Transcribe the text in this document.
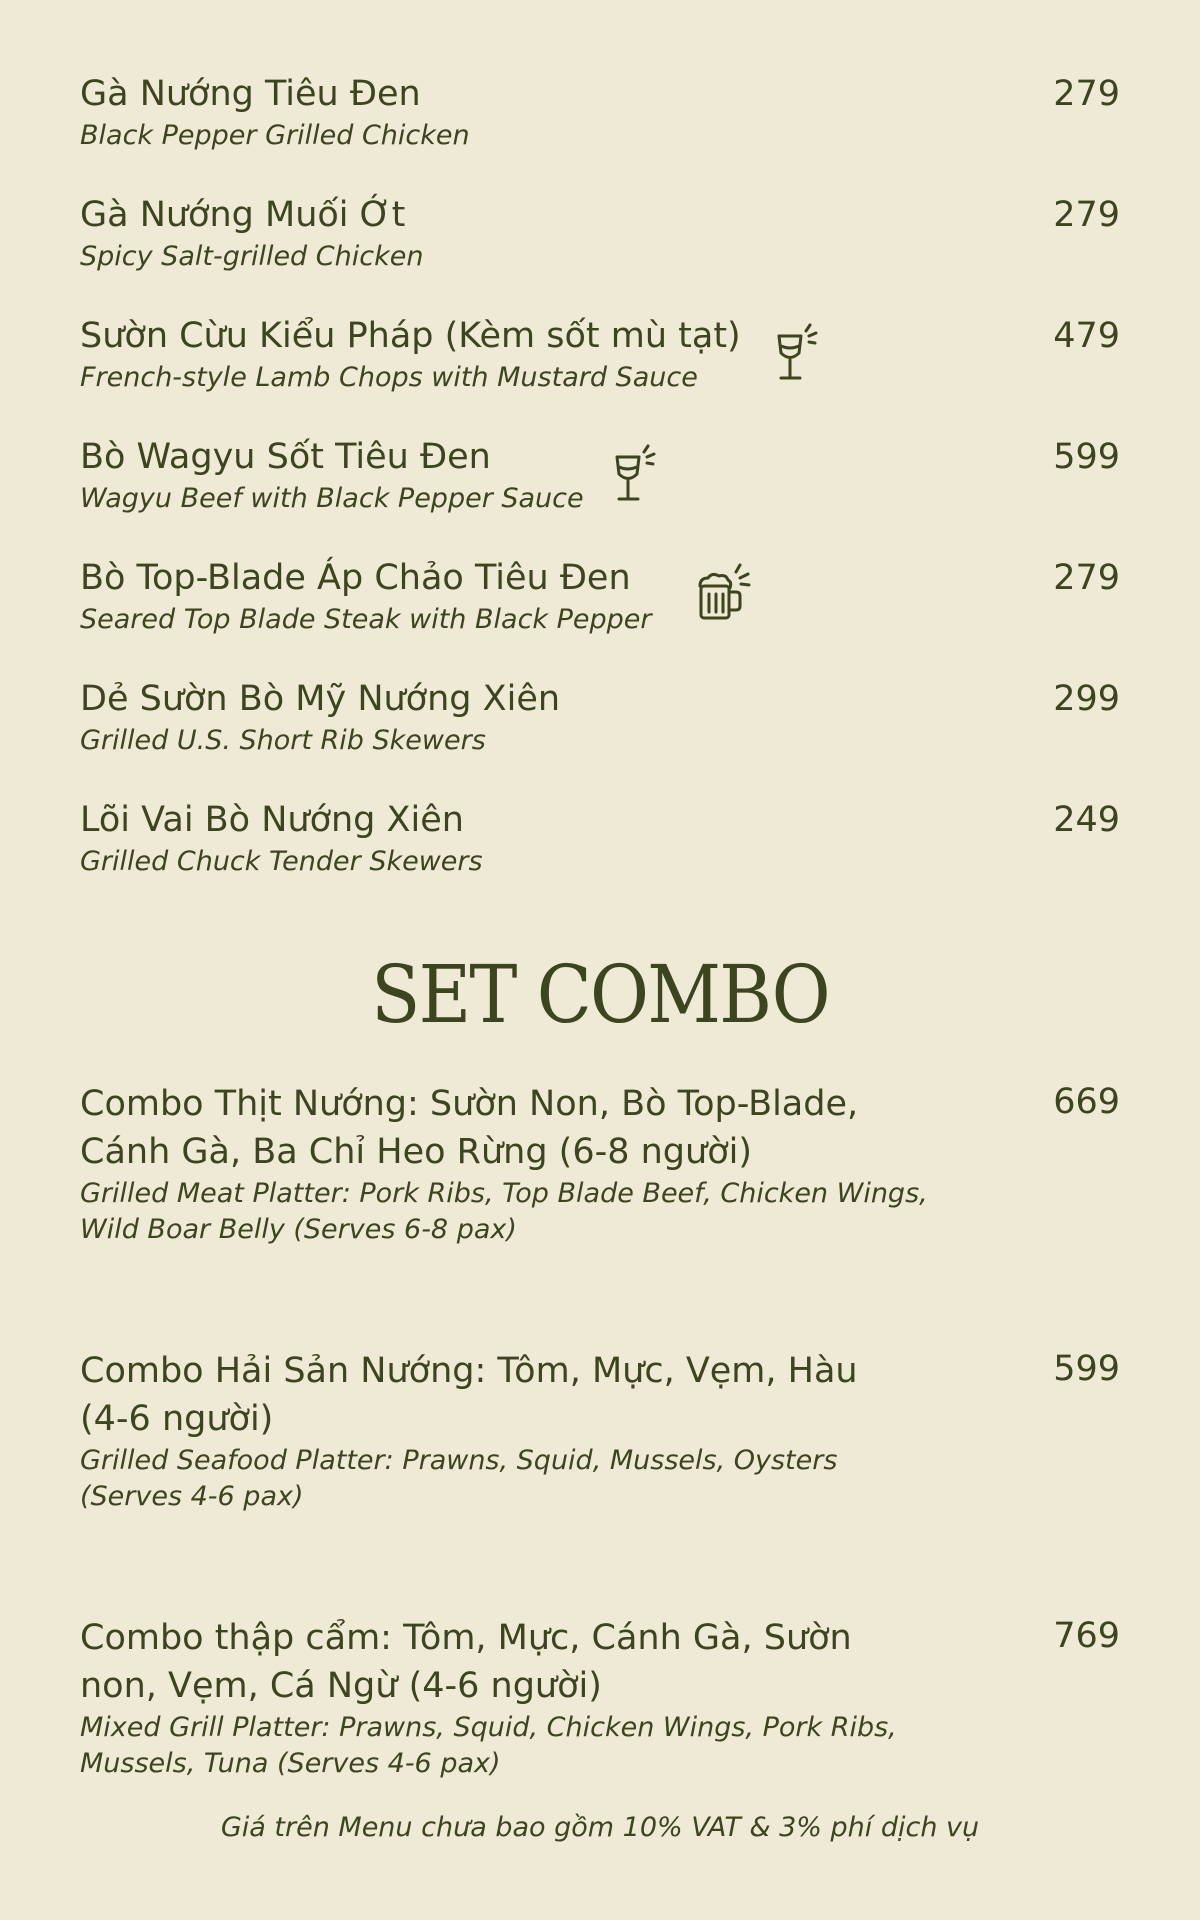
Gà Nướng Tiêu Đen
Black Pepper Grilled Chicken
279
Gà Nướng Muối Ớt
Spicy Salt-grilled Chicken
279
Sườn Cừu Kiểu Pháp (Kèm sốt mù tạt)
French-style Lamb Chops with Mustard Sauce
479
Bò Wagyu Sốt Tiêu Đen
Wagyu Beef with Black Pepper Sauce
599
Bò Top-Blade Áp Chảo Tiêu Đen
Seared Top Blade Steak with Black Pepper
279
Dẻ Sườn Bò Mỹ Nướng Xiên
Grilled U.S. Short Rib Skewers
299
Lõi Vai Bò Nướng Xiên
Grilled Chuck Tender Skewers
249
SET COMBO
Combo Thịt Nướng: Sườn Non, Bò Top-Blade,
Cánh Gà, Ba Chỉ Heo Rừng (6-8 người)
Grilled Meat Platter: Pork Ribs, Top Blade Beef, Chicken Wings,
Wild Boar Belly (Serves 6-8 pax)
669
Combo Hải Sản Nướng: Tôm, Mực, Vẹm, Hàu
(4-6 người)
Grilled Seafood Platter: Prawns, Squid, Mussels, Oysters
(Serves 4-6 pax)
599
Combo thập cẩm: Tôm, Mực, Cánh Gà, Sườn
non, Vẹm, Cá Ngừ (4-6 người)
Mixed Grill Platter: Prawns, Squid, Chicken Wings, Pork Ribs,
Mussels, Tuna (Serves 4-6 pax)
769
Giá trên Menu chưa bao gồm 10% VAT & 3% phí dịch vụ
